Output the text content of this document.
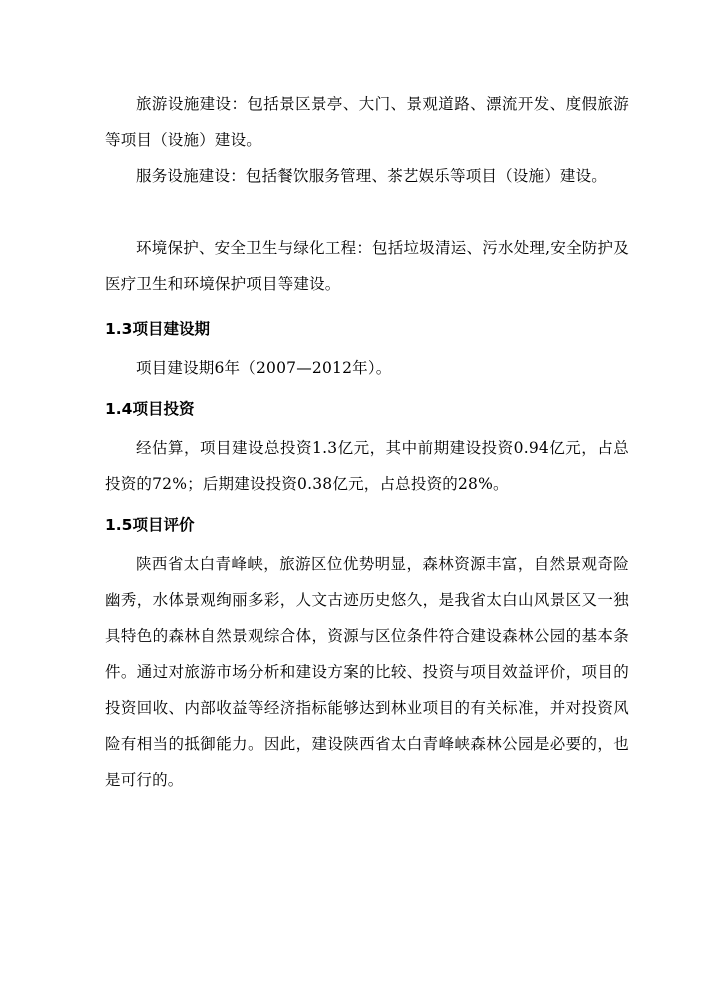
旅游设施建设：包括景区景亭、大门、景观道路、漂流开发、度假旅游等项目（设施）建设。

服务设施建设：包括餐饮服务管理、茶艺娱乐等项目（设施）建设。

环境保护、安全卫生与绿化工程：包括垃圾清运、污水处理,安全防护及医疗卫生和环境保护项目等建设。

1.3项目建设期

项目建设期6年（2007—2012年）。

1.4项目投资

经估算，项目建设总投资1.3亿元，其中前期建设投资0.94亿元，占总投资的72%；后期建设投资0.38亿元，占总投资的28%。

1.5项目评价

陕西省太白青峰峡，旅游区位优势明显，森林资源丰富，自然景观奇险幽秀，水体景观绚丽多彩，人文古迹历史悠久，是我省太白山风景区又一独具特色的森林自然景观综合体，资源与区位条件符合建设森林公园的基本条件。通过对旅游市场分析和建设方案的比较、投资与项目效益评价，项目的投资回收、内部收益等经济指标能够达到林业项目的有关标准，并对投资风险有相当的抵御能力。因此，建设陕西省太白青峰峡森林公园是必要的，也是可行的。
